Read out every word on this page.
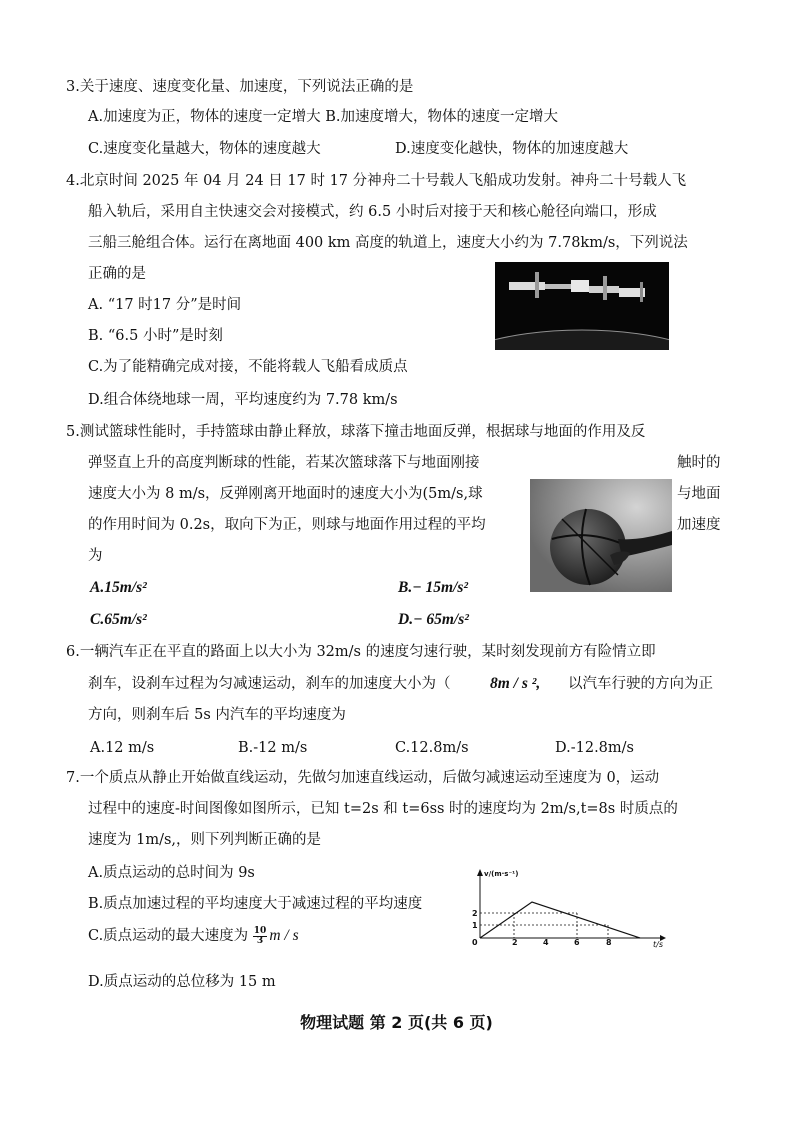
3.关于速度、速度变化量、加速度，下列说法正确的是
A.加速度为正，物体的速度一定增大 B.加速度增大，物体的速度一定增大
C.速度变化量越大，物体的速度越大	D.速度变化越快，物体的加速度越大
4.北京时间 2025 年 04 月 24 日 17 时 17 分神舟二十号载人飞船成功发射。神舟二十号载人飞
船入轨后，采用自主快速交会对接模式，约 6.5 小时后对接于天和核心舱径向端口，形成
三船三舱组合体。运行在离地面 400 km 高度的轨道上，速度大小约为 7.78km/s，下列说法
正确的是
A. “17 时17 分”是时间
B. “6.5 小时”是时刻
C.为了能精确完成对接，不能将载人飞船看成质点
D.组合体绕地球一周，平均速度约为 7.78 km/s
5.测试篮球性能时，手持篮球由静止释放，球落下撞击地面反弹，根据球与地面的作用及反
弹竖直上升的高度判断球的性能，若某次篮球落下与地面刚接	触时的
速度大小为 8 m/s，反弹刚离开地面时的速度大小为(5m/s,球	与地面
的作用时间为 0.2s，取向下为正，则球与地面作用过程的平均	加速度
为
A.15m/s²	B.− 15m/s²
C.65m/s²	D.− 65m/s²
6.一辆汽车正在平直的路面上以大小为 32m/s 的速度匀速行驶，某时刻发现前方有险情立即
刹车，设刹车过程为匀减速运动，刹车的加速度大小为（	8m / s ², 以汽车行驶的方向为正
方向，则刹车后 5s 内汽车的平均速度为
A.12 m/s	B.-12 m/s	C.12.8m/s	D.-12.8m/s
7.一个质点从静止开始做直线运动，先做匀加速直线运动，后做匀减速运动至速度为 0，运动
过程中的速度-时间图像如图所示，已知 t=2s 和 t=6ss 时的速度均为 2m/s,t=8s 时质点的
速度为 1m/s,，则下列判断正确的是
A.质点运动的总时间为 9s
B.质点加速过程的平均速度大于减速过程的平均速度
C.质点运动的最大速度为 $\frac{10}{3}$ m / s
D.质点运动的总位移为 15 m
v/(m·s⁻¹)
t/s
2
1
0	2	4	6	8
物理试题 第 2 页(共 6 页)
